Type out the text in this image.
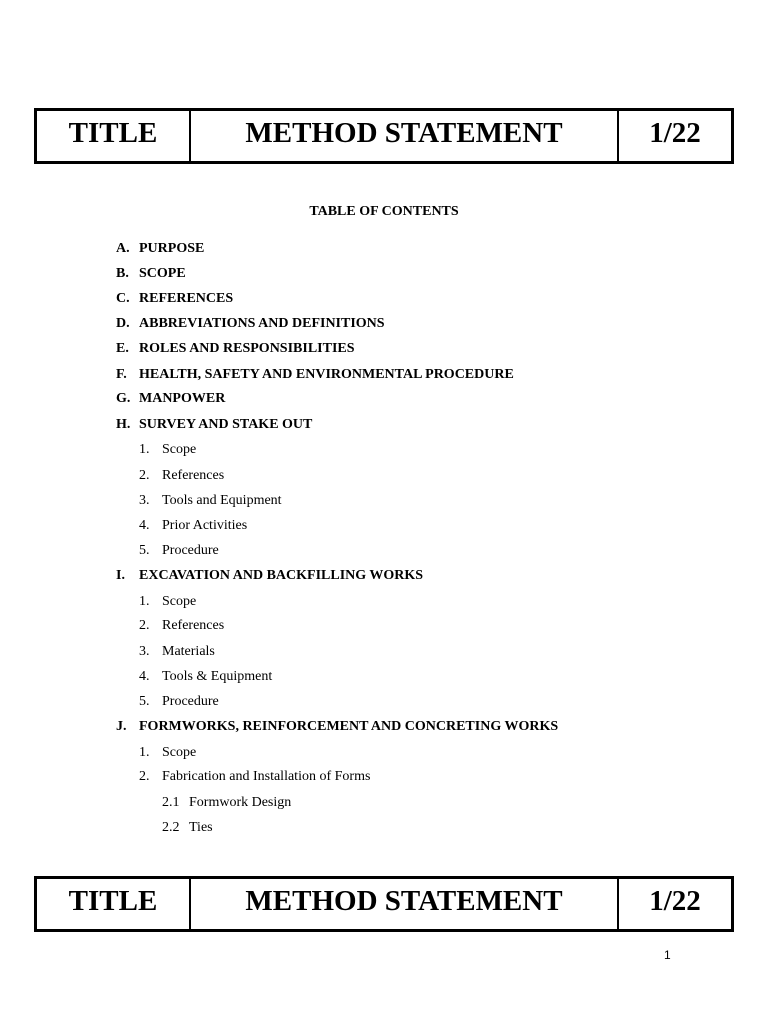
TITLE	METHOD STATEMENT	1/22
TABLE OF CONTENTS
A. PURPOSE
B. SCOPE
C. REFERENCES
D. ABBREVIATIONS AND DEFINITIONS
E. ROLES AND RESPONSIBILITIES
F. HEALTH, SAFETY AND ENVIRONMENTAL PROCEDURE
G. MANPOWER
H. SURVEY AND STAKE OUT
1. Scope
2. References
3. Tools and Equipment
4. Prior Activities
5. Procedure
I. EXCAVATION AND BACKFILLING WORKS
1. Scope
2. References
3. Materials
4. Tools & Equipment
5. Procedure
J. FORMWORKS, REINFORCEMENT AND CONCRETING WORKS
1. Scope
2. Fabrication and Installation of Forms
2.1 Formwork Design
2.2 Ties
TITLE	METHOD STATEMENT	1/22
1
